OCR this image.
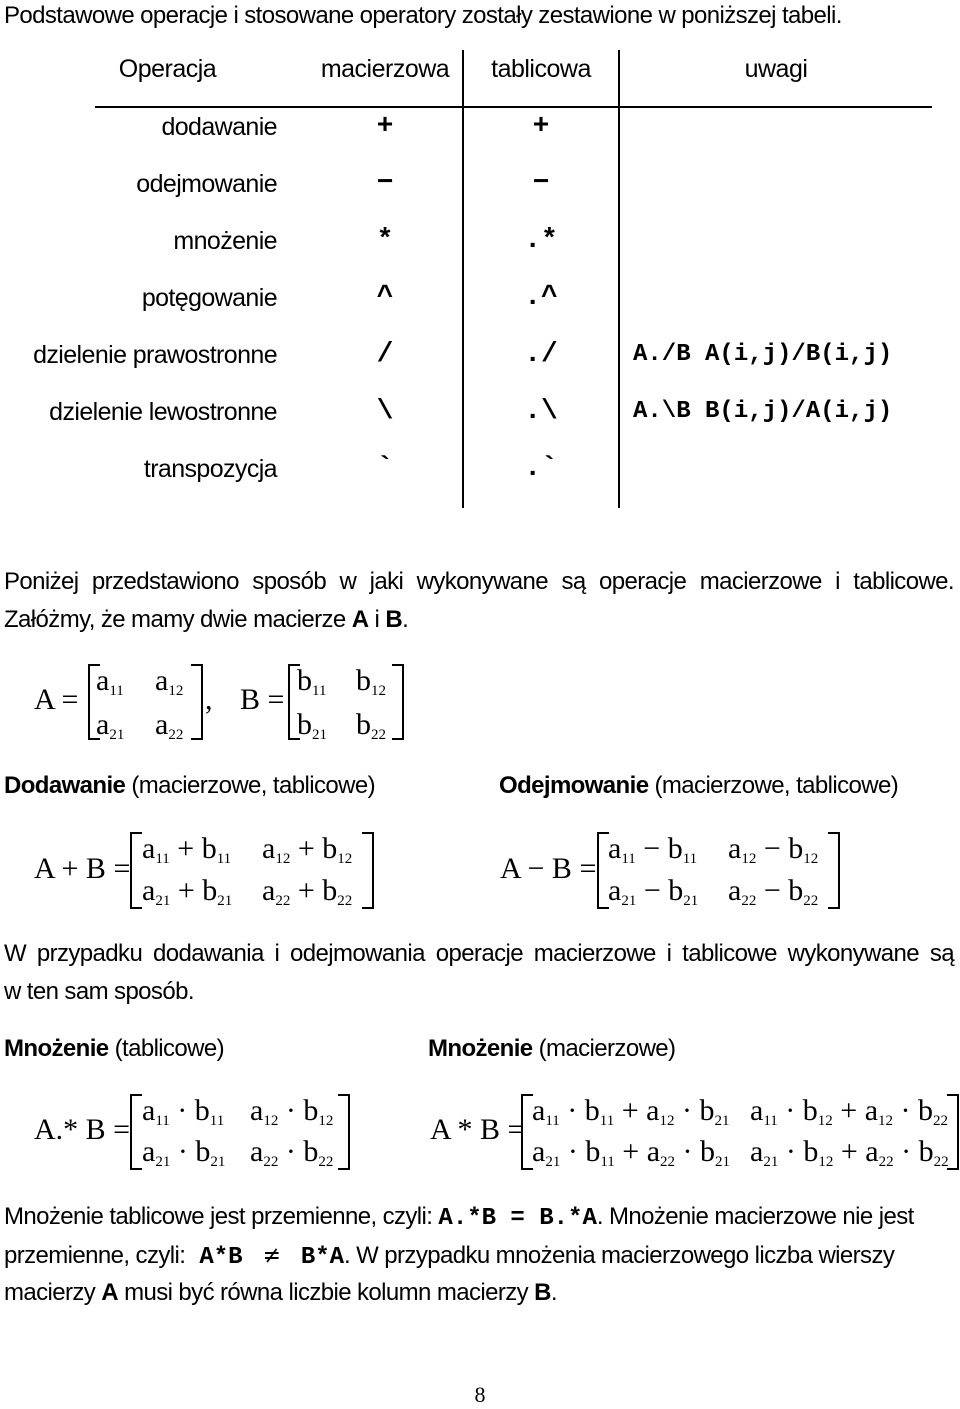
Podstawowe operacje i stosowane operatory zostały zestawione w poniższej tabeli.
Operacja	macierzowa	tablicowa	uwagi
dodawanie	+	+
odejmowanie	−	−
mnożenie	*	.*
potęgowanie	^	.^
dzielenie prawostronne	/	./	A./B A(i,j)/B(i,j)
dzielenie lewostronne	\	.\	A.\B B(i,j)/A(i,j)
transpozycja	`	.`
Poniżej przedstawiono sposób w jaki wykonywane są operacje macierzowe i tablicowe.
Załóżmy, że mamy dwie macierze A i B.
A =
$a_{11}$ $a_{12}$
$a_{21}$ $a_{22}$
, B =
$b_{11}$ $b_{12}$
$b_{21}$ $b_{22}$
Dodawanie (macierzowe, tablicowe)	Odejmowanie (macierzowe, tablicowe)
A + B =
$a_{11} + b_{11}$ $a_{12} + b_{12}$
$a_{21} + b_{21}$ $a_{22} + b_{22}$
A − B =
$a_{11} - b_{11}$ $a_{12} - b_{12}$
$a_{21} - b_{21}$ $a_{22} - b_{22}$
W przypadku dodawania i odejmowania operacje macierzowe i tablicowe wykonywane są
w ten sam sposób.
Mnożenie (tablicowe)	Mnożenie (macierzowe)
A.* B =
$a_{11} \cdot b_{11}$ $a_{12} \cdot b_{12}$
$a_{21} \cdot b_{21}$ $a_{22} \cdot b_{22}$
A * B =
$a_{11} \cdot b_{11} + a_{12} \cdot b_{21}$ $a_{11} \cdot b_{12} + a_{12} \cdot b_{22}$
$a_{21} \cdot b_{11} + a_{22} \cdot b_{21}$ $a_{21} \cdot b_{12} + a_{22} \cdot b_{22}$
Mnożenie tablicowe jest przemienne, czyli: A.*B = B.*A. Mnożenie macierzowe nie jest
przemienne, czyli: A*B ≠ B*A. W przypadku mnożenia macierzowego liczba wierszy
macierzy A musi być równa liczbie kolumn macierzy B.
8
